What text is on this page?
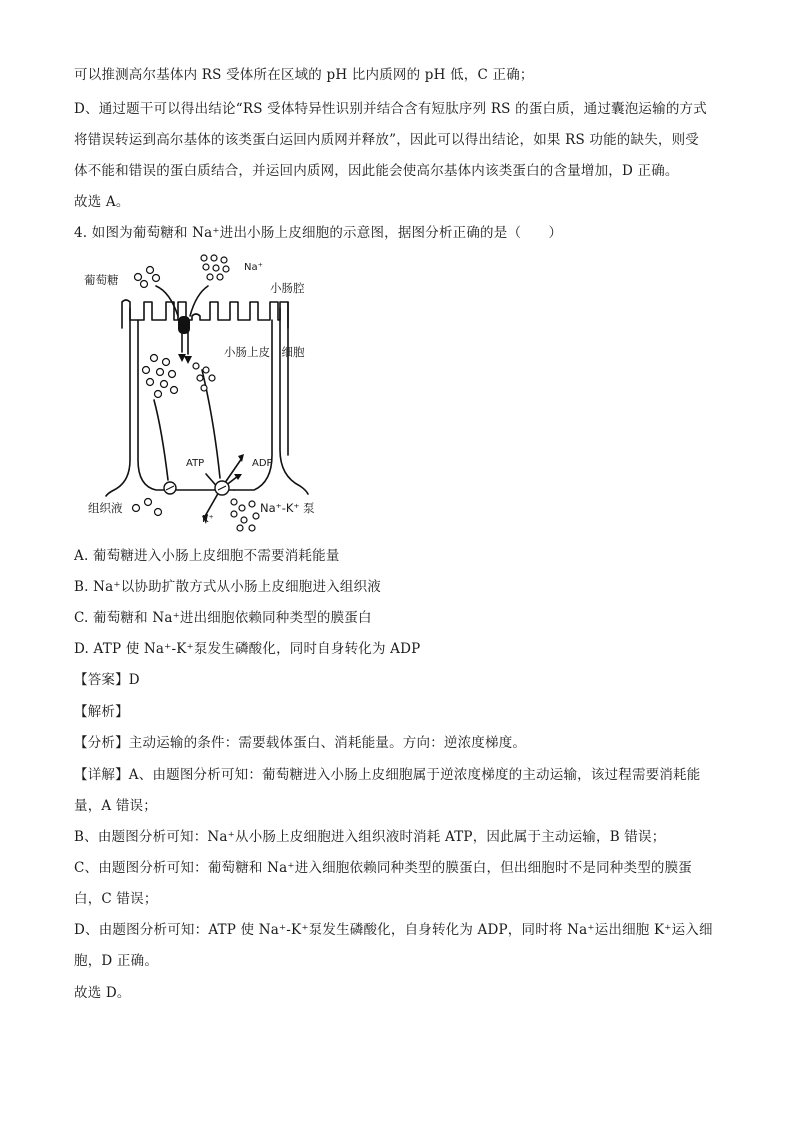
可以推测高尔基体内 RS 受体所在区域的 pH 比内质网的 pH 低，C 正确；
D、通过题干可以得出结论“RS 受体特异性识别并结合含有短肽序列 RS 的蛋白质，通过囊泡运输的方式
将错误转运到高尔基体的该类蛋白运回内质网并释放”，因此可以得出结论，如果 RS 功能的缺失，则受
体不能和错误的蛋白质结合，并运回内质网，因此能会使高尔基体内该类蛋白的含量增加，D 正确。
故选 A。
4. 如图为葡萄糖和 Na⁺进出小肠上皮细胞的示意图，据图分析正确的是（　　）
葡萄糖
Na⁺
小肠腔
小肠上皮　细胞
组织液
ATP	ADP
K⁺
Na⁺-K⁺ 泵
A. 葡萄糖进入小肠上皮细胞不需要消耗能量
B. Na⁺以协助扩散方式从小肠上皮细胞进入组织液
C. 葡萄糖和 Na⁺进出细胞依赖同种类型的膜蛋白
D. ATP 使 Na⁺-K⁺泵发生磷酸化，同时自身转化为 ADP
【答案】D
【解析】
【分析】主动运输的条件：需要载体蛋白、消耗能量。方向：逆浓度梯度。
【详解】A、由题图分析可知：葡萄糖进入小肠上皮细胞属于逆浓度梯度的主动运输，该过程需要消耗能
量，A 错误；
B、由题图分析可知：Na⁺从小肠上皮细胞进入组织液时消耗 ATP，因此属于主动运输，B 错误；
C、由题图分析可知：葡萄糖和 Na⁺进入细胞依赖同种类型的膜蛋白，但出细胞时不是同种类型的膜蛋
白，C 错误；
D、由题图分析可知：ATP 使 Na⁺-K⁺泵发生磷酸化，自身转化为 ADP，同时将 Na⁺运出细胞 K⁺运入细
胞，D 正确。
故选 D。
